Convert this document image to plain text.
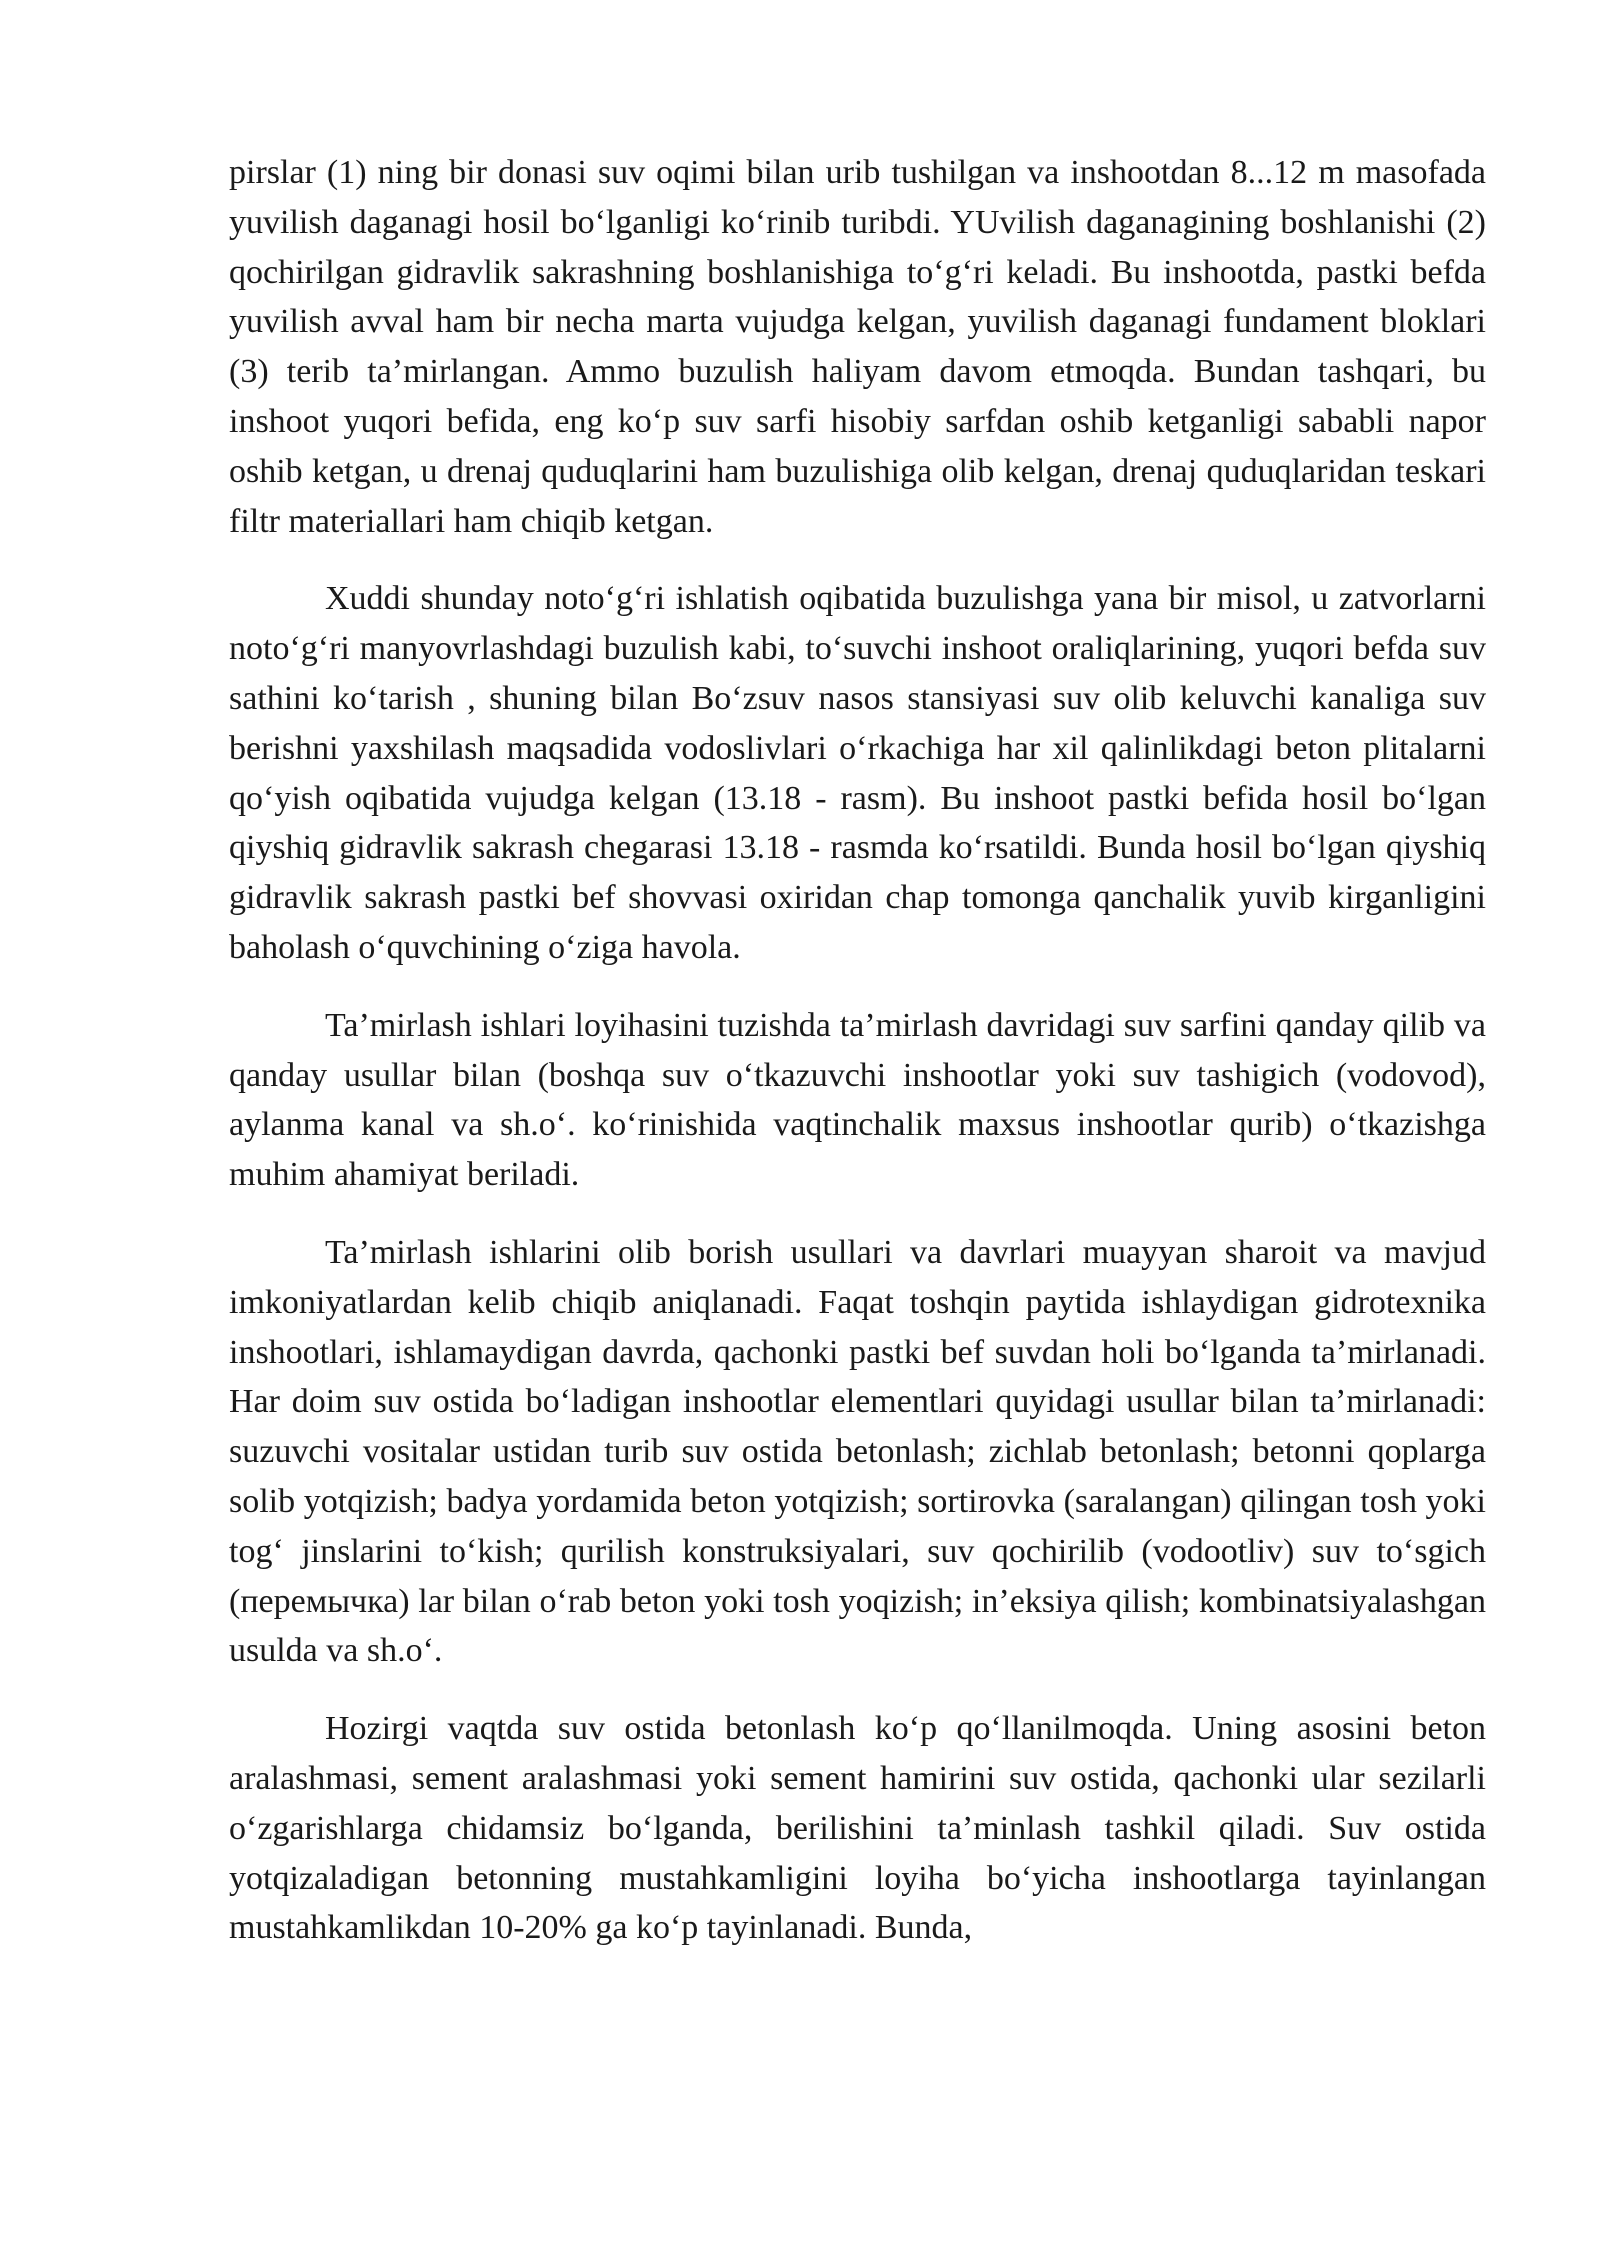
pirslar (1) ning bir donasi suv oqimi bilan urib tushilgan va inshootdan 8...12 m masofada yuvilish daganagi hosil bo‘lganligi ko‘rinib turibdi. YUvilish daganagining boshlanishi (2) qochirilgan gidravlik sakrashning boshlanishiga to‘g‘ri keladi. Bu inshootda, pastki befda yuvilish avval ham bir necha marta vujudga kelgan, yuvilish daganagi fundament bloklari (3) terib ta’mirlangan. Ammo buzulish haliyam davom etmoqda. Bundan tashqari, bu inshoot yuqori befida, eng ko‘p suv sarfi hisobiy sarfdan oshib ketganligi sababli napor oshib ketgan, u drenaj quduqlarini ham buzulishiga olib kelgan, drenaj quduqlaridan teskari filtr materiallari ham chiqib ketgan.

Xuddi shunday noto‘g‘ri ishlatish oqibatida buzulishga yana bir misol, u zatvorlarni noto‘g‘ri manyovrlashdagi buzulish kabi, to‘suvchi inshoot oraliqlarining, yuqori befda suv sathini ko‘tarish , shuning bilan Bo‘zsuv nasos stansiyasi suv olib keluvchi kanaliga suv berishni yaxshilash maqsadida vodoslivlari o‘rkachiga har xil qalinlikdagi beton plitalarni qo‘yish oqibatida vujudga kelgan (13.18 - rasm). Bu inshoot pastki befida hosil bo‘lgan qiyshiq gidravlik sakrash chegarasi 13.18 - rasmda ko‘rsatildi. Bunda hosil bo‘lgan qiyshiq gidravlik sakrash pastki bef shovvasi oxiridan chap tomonga qanchalik yuvib kirganligini baholash o‘quvchining o‘ziga havola.

Ta’mirlash ishlari loyihasini tuzishda ta’mirlash davridagi suv sarfini qanday qilib va qanday usullar bilan (boshqa suv o‘tkazuvchi inshootlar yoki suv tashigich (vodovod), aylanma kanal va sh.o‘. ko‘rinishida vaqtinchalik maxsus inshootlar qurib) o‘tkazishga muhim ahamiyat beriladi.

Ta’mirlash ishlarini olib borish usullari va davrlari muayyan sharoit va mavjud imkoniyatlardan kelib chiqib aniqlanadi. Faqat toshqin paytida ishlaydigan gidrotexnika inshootlari, ishlamaydigan davrda, qachonki pastki bef suvdan holi bo‘lganda ta’mirlanadi. Har doim suv ostida bo‘ladigan inshootlar elementlari quyidagi usullar bilan ta’mirlanadi: suzuvchi vositalar ustidan turib suv ostida betonlash; zichlab betonlash; betonni qoplarga solib yotqizish; badya yordamida beton yotqizish; sortirovka (saralangan) qilingan tosh yoki tog‘ jinslarini to‘kish; qurilish konstruksiyalari, suv qochirilib (vodootliv) suv to‘sgich (перемычка) lar bilan o‘rab beton yoki tosh yoqizish; in’eksiya qilish; kombinatsiyalashgan usulda va sh.o‘.

Hozirgi vaqtda suv ostida betonlash ko‘p qo‘llanilmoqda. Uning asosini beton aralashmasi, sement aralashmasi yoki sement hamirini suv ostida, qachonki ular sezilarli o‘zgarishlarga chidamsiz bo‘lganda, berilishini ta’minlash tashkil qiladi. Suv ostida yotqizaladigan betonning mustahkamligini loyiha bo‘yicha inshootlarga tayinlangan mustahkamlikdan 10-20% ga ko‘p tayinlanadi. Bunda,
